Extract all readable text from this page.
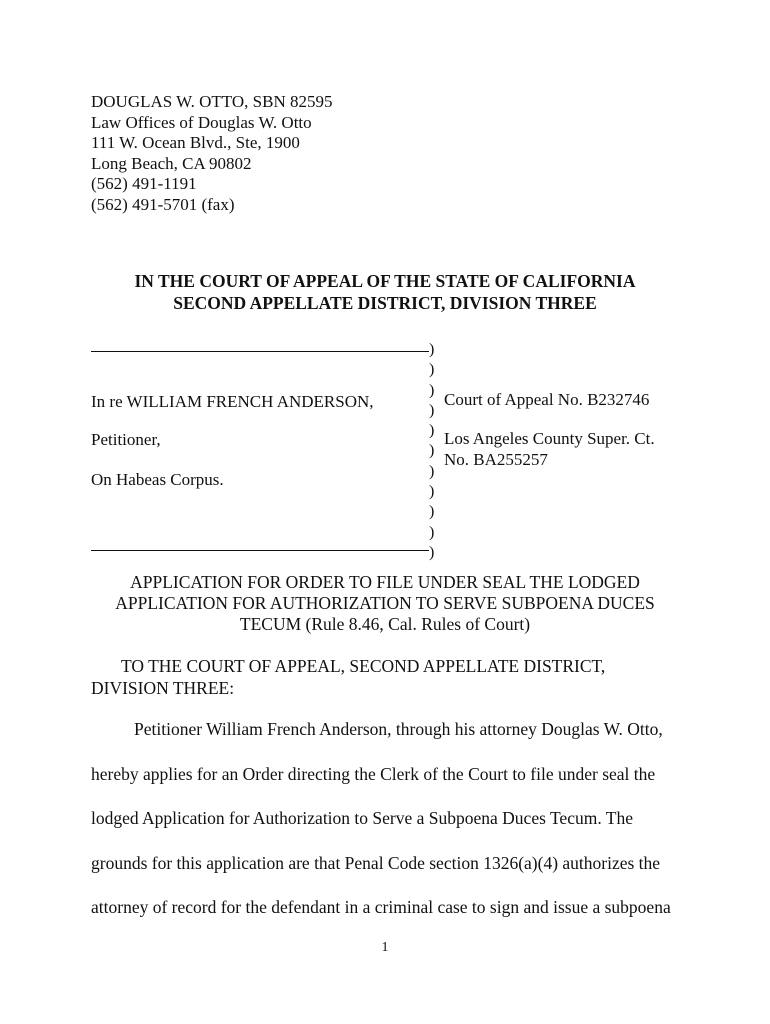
DOUGLAS W. OTTO, SBN 82595
Law Offices of Douglas W. Otto
111 W. Ocean Blvd., Ste, 1900
Long Beach, CA 90802
(562) 491-1191
(562) 491-5701 (fax)
IN THE COURT OF APPEAL OF THE STATE OF CALIFORNIA
SECOND APPELLATE DISTRICT, DIVISION THREE
)
)
)
)
)
)
)
)
)
)
)
In re WILLIAM FRENCH ANDERSON,
Petitioner,
On Habeas Corpus.
Court of Appeal No. B232746
Los Angeles County Super. Ct.
No. BA255257
APPLICATION FOR ORDER TO FILE UNDER SEAL THE LODGED
APPLICATION FOR AUTHORIZATION TO SERVE SUBPOENA DUCES
TECUM (Rule 8.46, Cal. Rules of Court)
TO THE COURT OF APPEAL, SECOND APPELLATE DISTRICT,
DIVISION THREE:
Petitioner William French Anderson, through his attorney Douglas W. Otto,
hereby applies for an Order directing the Clerk of the Court to file under seal the
lodged Application for Authorization to Serve a Subpoena Duces Tecum. The
grounds for this application are that Penal Code section 1326(a)(4) authorizes the
attorney of record for the defendant in a criminal case to sign and issue a subpoena
1
